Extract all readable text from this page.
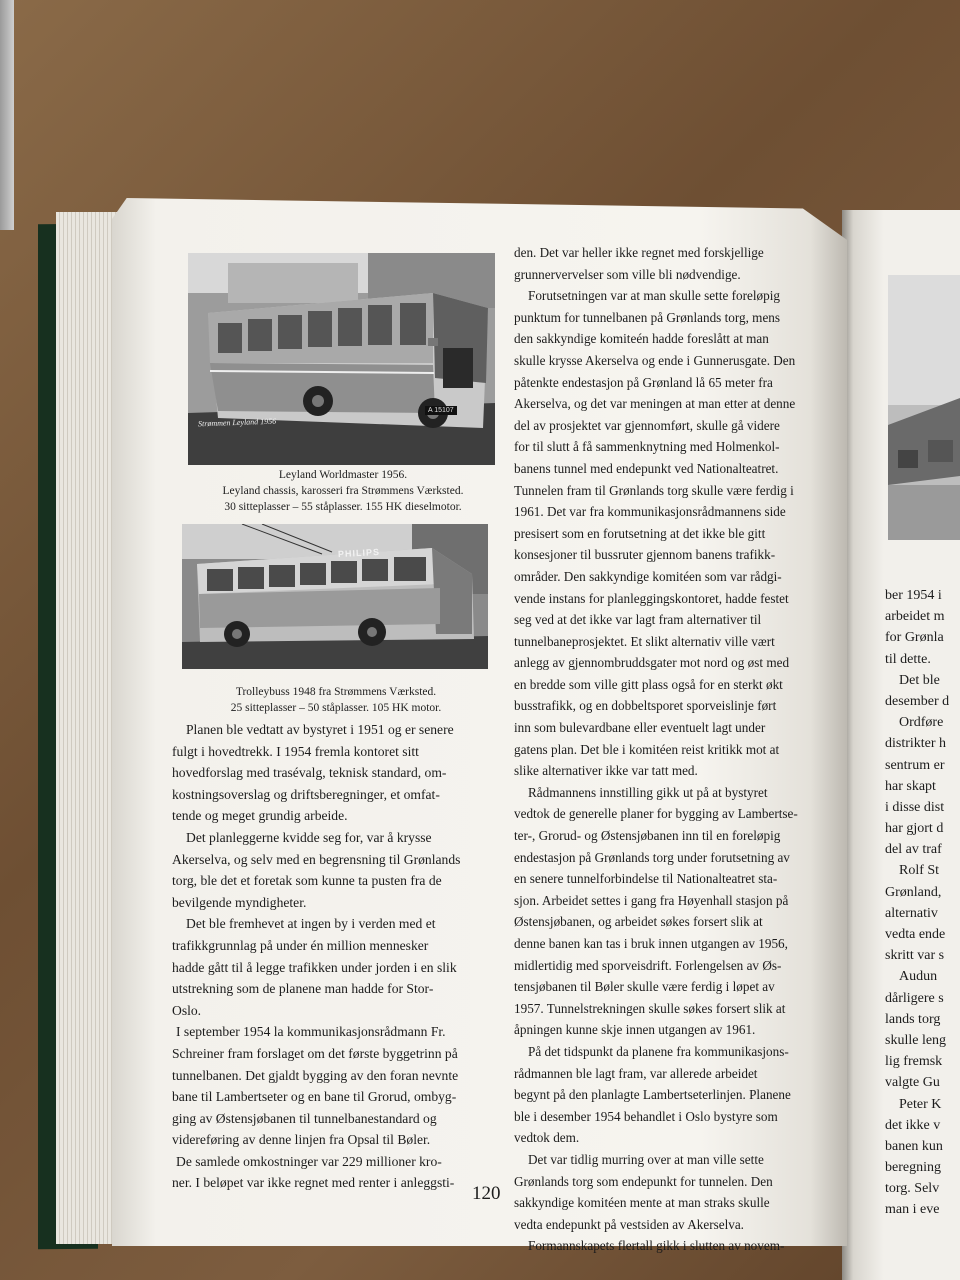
A 15107
Strømmen Leyland 1956
Leyland Worldmaster 1956.
Leyland chassis, karosseri fra Strømmens Værksted.
30 sitteplasser – 55 ståplasser. 155 HK dieselmotor.
PHILIPS
Trolleybuss 1948 fra Strømmens Værksted.
25 sitteplasser – 50 ståplasser. 105 HK motor.
Planen ble vedtatt av bystyret i 1951 og er senere
fulgt i hovedtrekk. I 1954 fremla kontoret sitt
hovedforslag med trasévalg, teknisk standard, om-
kostningsoverslag og driftsberegninger, et omfat-
tende og meget grundig arbeide.
Det planleggerne kvidde seg for, var å krysse
Akerselva, og selv med en begrensning til Grønlands
torg, ble det et foretak som kunne ta pusten fra de
bevilgende myndigheter.
Det ble fremhevet at ingen by i verden med et
trafikkgrunnlag på under én million mennesker
hadde gått til å legge trafikken under jorden i en slik
utstrekning som de planene man hadde for Stor-
Oslo.
I september 1954 la kommunikasjonsrådmann Fr.
Schreiner fram forslaget om det første byggetrinn på
tunnelbanen. Det gjaldt bygging av den foran nevnte
bane til Lambertseter og en bane til Grorud, ombyg-
ging av Østensjøbanen til tunnelbanestandard og
videreføring av denne linjen fra Opsal til Bøler.
De samlede omkostninger var 229 millioner kro-
ner. I beløpet var ikke regnet med renter i anleggsti-
den. Det var heller ikke regnet med forskjellige
grunnervervelser som ville bli nødvendige.
Forutsetningen var at man skulle sette foreløpig
punktum for tunnelbanen på Grønlands torg, mens
den sakkyndige komiteén hadde foreslått at man
skulle krysse Akerselva og ende i Gunnerusgate. Den
påtenkte endestasjon på Grønland lå 65 meter fra
Akerselva, og det var meningen at man etter at denne
del av prosjektet var gjennomført, skulle gå videre
for til slutt å få sammenknytning med Holmenkol-
banens tunnel med endepunkt ved Nationalteatret.
Tunnelen fram til Grønlands torg skulle være ferdig i
1961. Det var fra kommunikasjonsrådmannens side
presisert som en forutsetning at det ikke ble gitt
konsesjoner til bussruter gjennom banens trafikk-
områder. Den sakkyndige komitéen som var rådgi-
vende instans for planleggingskontoret, hadde festet
seg ved at det ikke var lagt fram alternativer til
tunnelbaneprosjektet. Et slikt alternativ ville vært
anlegg av gjennombruddsgater mot nord og øst med
en bredde som ville gitt plass også for en sterkt økt
busstrafikk, og en dobbeltsporet sporveislinje ført
inn som bulevardbane eller eventuelt lagt under
gatens plan. Det ble i komitéen reist kritikk mot at
slike alternativer ikke var tatt med.
Rådmannens innstilling gikk ut på at bystyret
vedtok de generelle planer for bygging av Lambertse-
ter-, Grorud- og Østensjøbanen inn til en foreløpig
endestasjon på Grønlands torg under forutsetning av
en senere tunnelforbindelse til Nationalteatret sta-
sjon. Arbeidet settes i gang fra Høyenhall stasjon på
Østensjøbanen, og arbeidet søkes forsert slik at
denne banen kan tas i bruk innen utgangen av 1956,
midlertidig med sporveisdrift. Forlengelsen av Øs-
tensjøbanen til Bøler skulle være ferdig i løpet av
1957. Tunnelstrekningen skulle søkes forsert slik at
åpningen kunne skje innen utgangen av 1961.
På det tidspunkt da planene fra kommunikasjons-
rådmannen ble lagt fram, var allerede arbeidet
begynt på den planlagte Lambertseterlinjen. Planene
ble i desember 1954 behandlet i Oslo bystyre som
vedtok dem.
Det var tidlig murring over at man ville sette
Grønlands torg som endepunkt for tunnelen. Den
sakkyndige komitéen mente at man straks skulle
vedta endepunkt på vestsiden av Akerselva.
Formannskapets flertall gikk i slutten av novem-
120
ber 1954 i
arbeidet m
for Grønla
til dette.
Det ble
desember d
Ordføre
distrikter h
sentrum er
har skapt
i disse dist
har gjort d
del av traf
Rolf St
Grønland,
alternativ
vedta ende
skritt var s
Audun
dårligere s
lands torg
skulle leng
lig fremsk
valgte Gu
Peter K
det ikke v
banen kun
beregning
torg. Selv
man i eve
